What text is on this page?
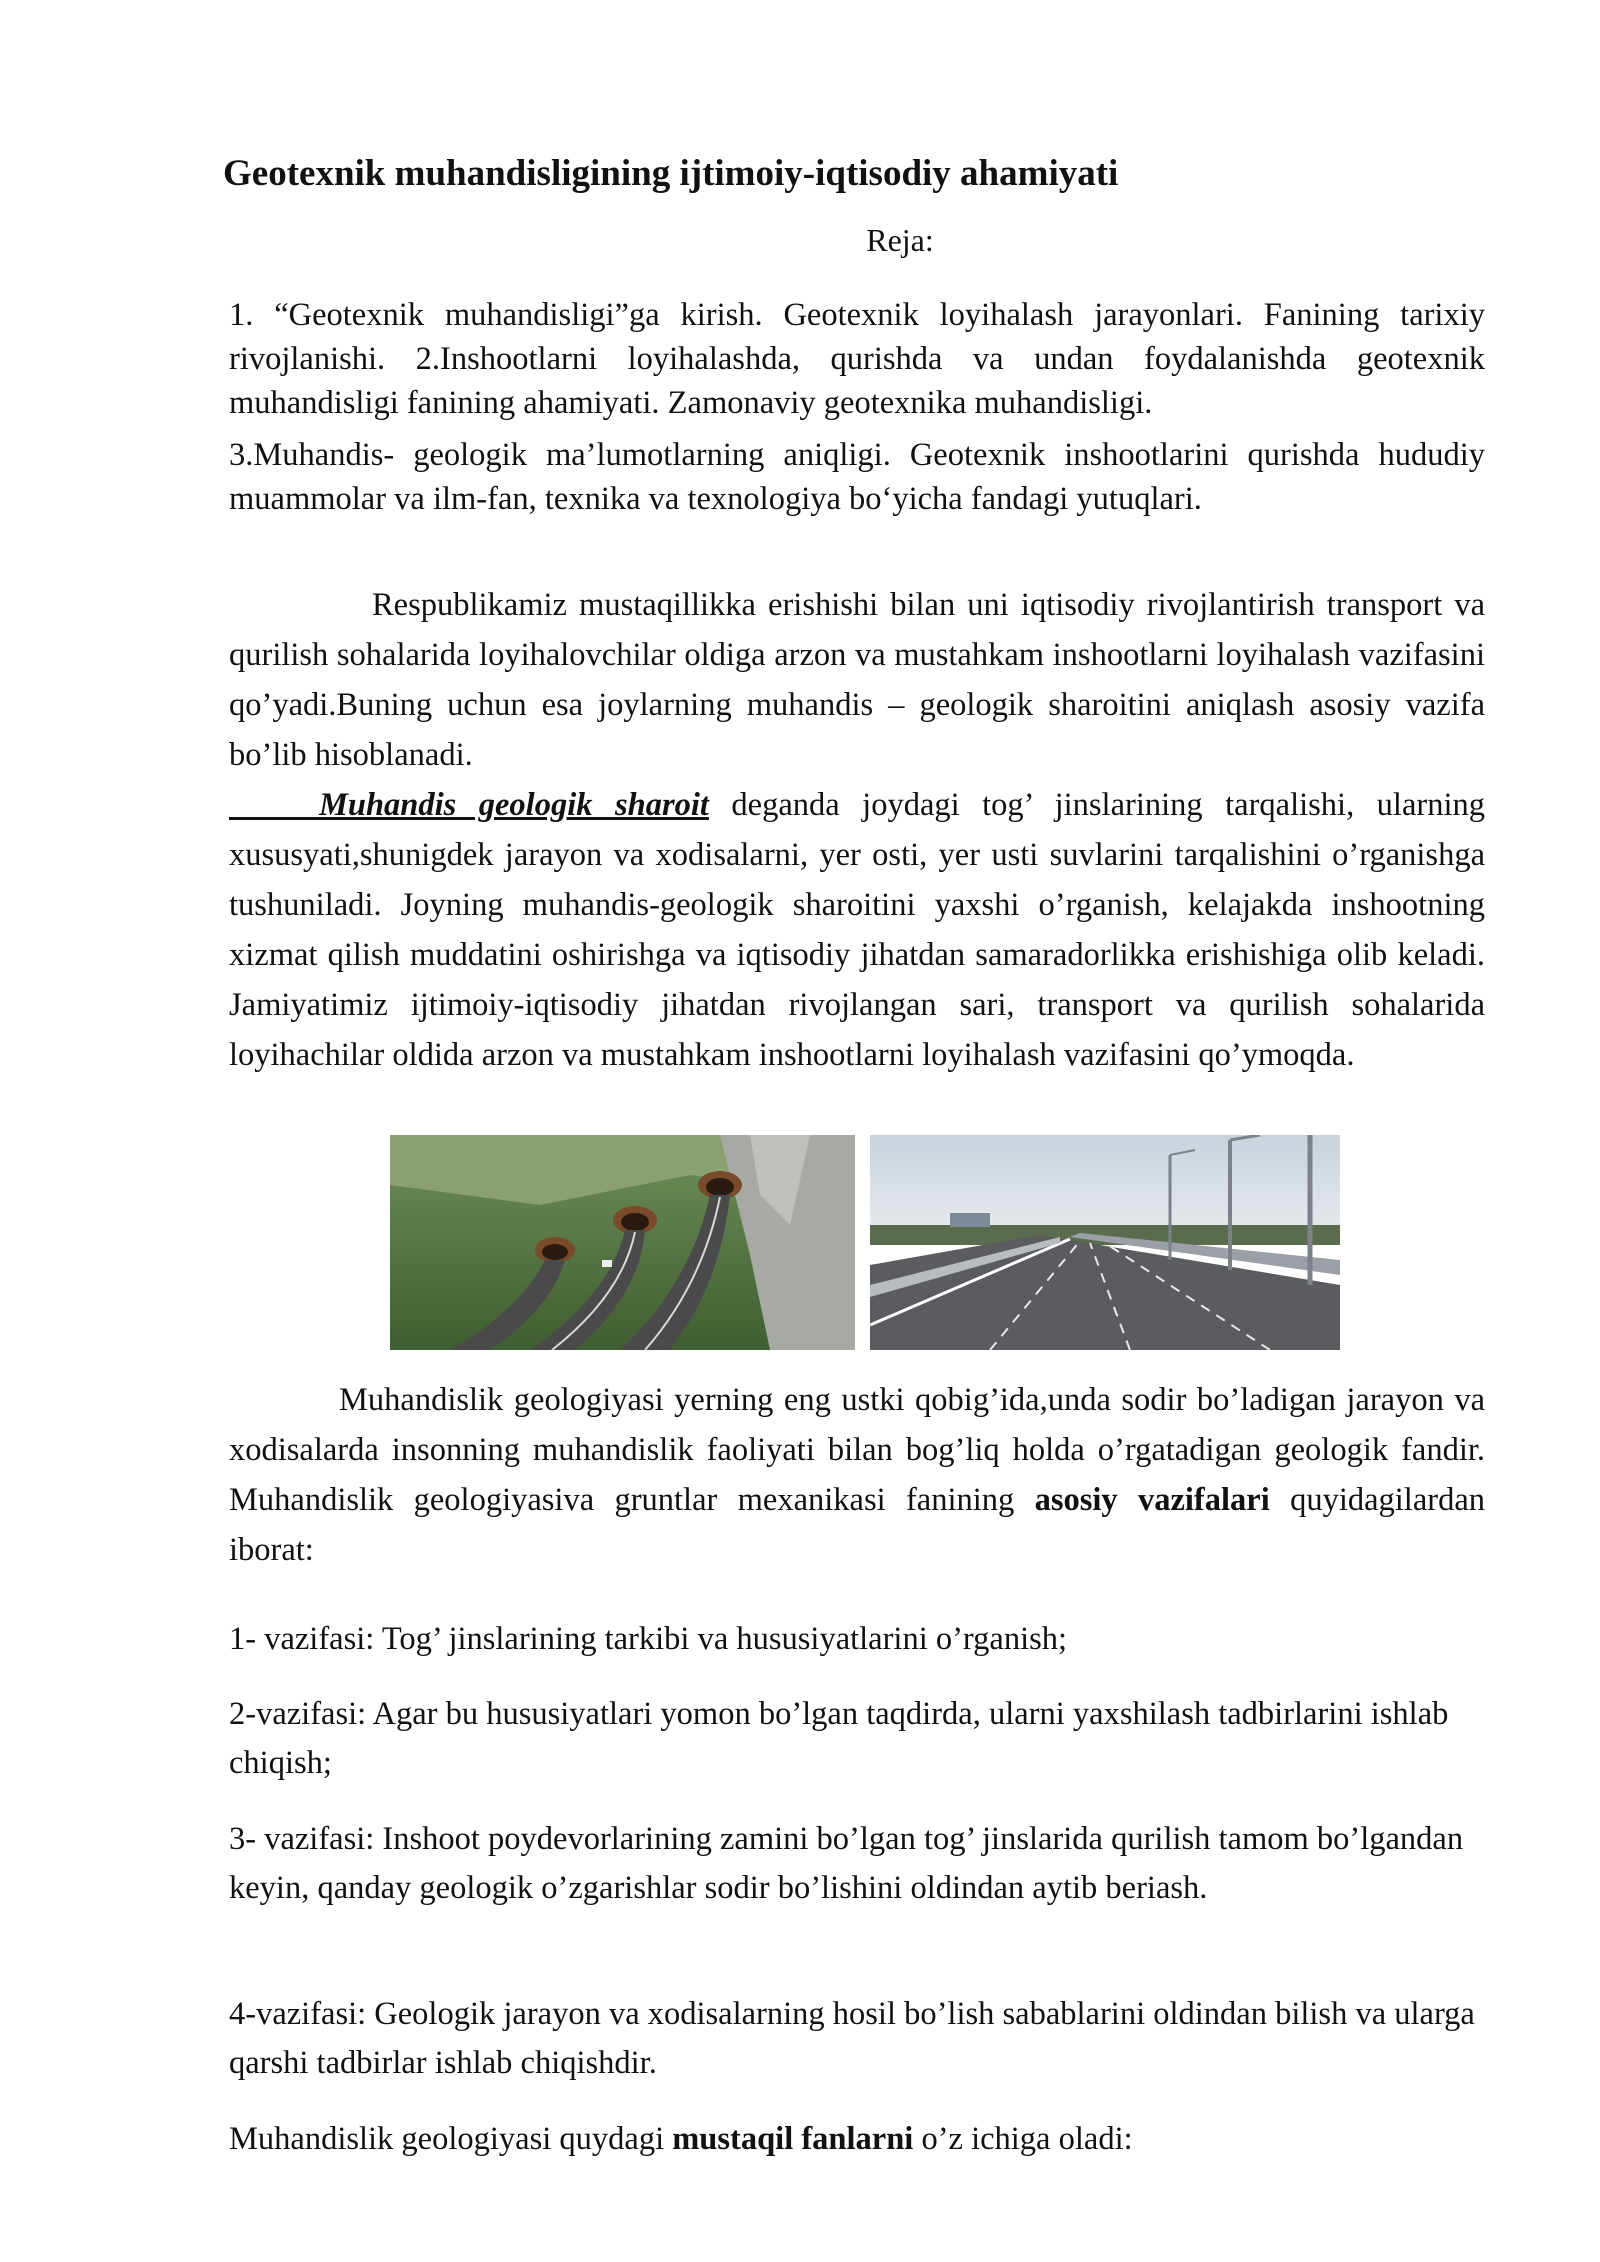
Geotexnik muhandisligining ijtimoiy-iqtisodiy ahamiyati

Reja:

1. “Geotexnik muhandisligi”ga kirish. Geotexnik loyihalash jarayonlari. Fanining tarixiy rivojlanishi. 2.Inshootlarni loyihalashda, qurishda va undan foydalanishda geotexnik muhandisligi fanining ahamiyati. Zamonaviy geotexnika muhandisligi.

3.Muhandis- geologik ma’lumotlarning aniqligi. Geotexnik inshootlarini qurishda hududiy muammolar va ilm-fan, texnika va texnologiya bo‘yicha fandagi yutuqlari.

Respublikamiz mustaqillikka erishishi bilan uni iqtisodiy rivojlantirish transport va qurilish sohalarida loyihalovchilar oldiga arzon va mustahkam inshootlarni loyihalash vazifasini qo’yadi.Buning uchun esa joylarning muhandis – geologik sharoitini aniqlash asosiy vazifa bo’lib hisoblanadi.

Muhandis geologik sharoit deganda joydagi tog’ jinslarining tarqalishi, ularning xususyati,shunigdek jarayon va xodisalarni, yer osti, yer usti suvlarini tarqalishini o’rganishga tushuniladi. Joyning muhandis-geologik sharoitini yaxshi o’rganish, kelajakda inshootning xizmat qilish muddatini oshirishga va iqtisodiy jihatdan samaradorlikka erishishiga olib keladi. Jamiyatimiz ijtimoiy-iqtisodiy jihatdan rivojlangan sari, transport va qurilish sohalarida loyihachilar oldida arzon va mustahkam inshootlarni loyihalash vazifasini qo’ymoqda.

Muhandislik geologiyasi yerning eng ustki qobig’ida,unda sodir bo’ladigan jarayon va xodisalarda insonning muhandislik faoliyati bilan bog’liq holda o’rgatadigan geologik fandir. Muhandislik geologiyasiva gruntlar mexanikasi fanining asosiy vazifalari quyidagilardan iborat:

1- vazifasi: Tog’ jinslarining tarkibi va hususiyatlarini o’rganish;

2-vazifasi: Agar bu hususiyatlari yomon bo’lgan taqdirda, ularni yaxshilash tadbirlarini ishlab chiqish;

3- vazifasi: Inshoot poydevorlarining zamini bo’lgan tog’ jinslarida qurilish tamom bo’lgandan keyin, qanday geologik o’zgarishlar sodir bo’lishini oldindan aytib beriash.

4-vazifasi: Geologik jarayon va xodisalarning hosil bo’lish sabablarini oldindan bilish va ularga qarshi tadbirlar ishlab chiqishdir.

Muhandislik geologiyasi quydagi mustaqil fanlarni o’z ichiga oladi:
